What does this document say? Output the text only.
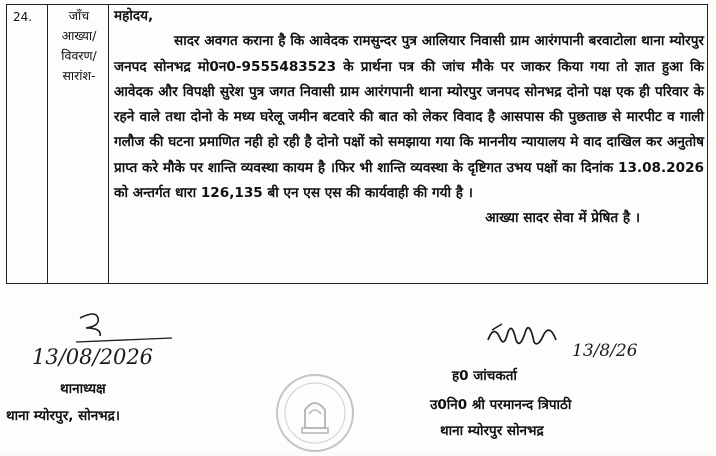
24.	जाँच
आख्या/
विवरण/
सारांश-
महोदय,
सादर अवगत कराना है कि आवेदक रामसुन्दर पुत्र आलियार निवासी ग्राम आरंगपानी बरवाटोला थाना म्योरपुर जनपद सोनभद्र मो0न0-9555483523 के प्रार्थना पत्र की जांच मौके पर जाकर किया गया तो ज्ञात हुआ कि आवेदक और विपक्षी सुरेश पुत्र जगत निवासी ग्राम आरंगपानी थाना म्योरपुर जनपद सोनभद्र दोनो पक्ष एक ही परिवार के रहने वाले तथा दोनो के मध्य घरेलू जमीन बटवारे की बात को लेकर विवाद है आसपास की पुछताछ से मारपीट व गाली गलौज की घटना प्रमाणित नही हो रही है दोनो पक्षों को समझाया गया कि माननीय न्यायालय मे वाद दाखिल कर अनुतोष प्राप्त करे मौके पर शान्ति व्यवस्था कायम है ।फिर भी शान्ति व्यवस्था के दृष्टिगत उभय पक्षों का दिनांक 13.08.2026 को अन्तर्गत धारा 126,135 बी एन एस एस की कार्यवाही की गयी है ।
आख्या सादर सेवा में प्रेषित है ।
13/08/2026	13/8/26
थानाध्यक्ष
थाना म्योरपुर, सोनभद्र।
ह0 जांचकर्ता
उ0नि0 श्री परमानन्द त्रिपाठी
थाना म्योरपुर सोनभद्र
